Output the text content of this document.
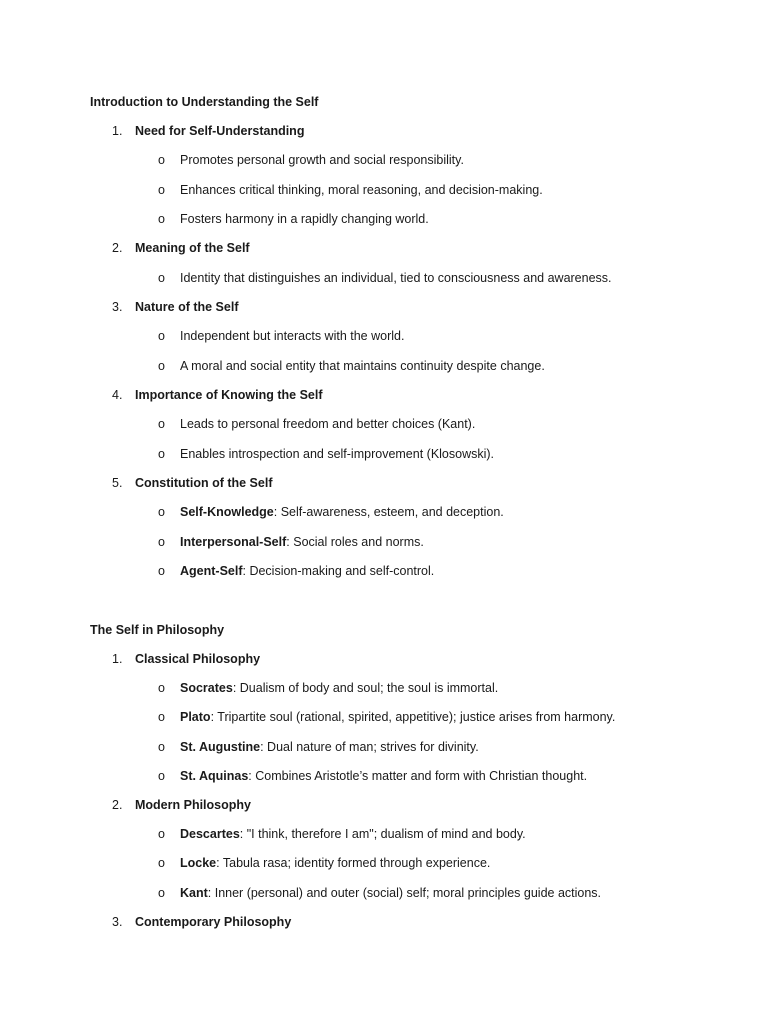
Introduction to Understanding the Self
1. Need for Self-Understanding
o Promotes personal growth and social responsibility.
o Enhances critical thinking, moral reasoning, and decision-making.
o Fosters harmony in a rapidly changing world.
2. Meaning of the Self
o Identity that distinguishes an individual, tied to consciousness and awareness.
3. Nature of the Self
o Independent but interacts with the world.
o A moral and social entity that maintains continuity despite change.
4. Importance of Knowing the Self
o Leads to personal freedom and better choices (Kant).
o Enables introspection and self-improvement (Klosowski).
5. Constitution of the Self
o Self-Knowledge: Self-awareness, esteem, and deception.
o Interpersonal-Self: Social roles and norms.
o Agent-Self: Decision-making and self-control.
The Self in Philosophy
1. Classical Philosophy
o Socrates: Dualism of body and soul; the soul is immortal.
o Plato: Tripartite soul (rational, spirited, appetitive); justice arises from harmony.
o St. Augustine: Dual nature of man; strives for divinity.
o St. Aquinas: Combines Aristotle’s matter and form with Christian thought.
2. Modern Philosophy
o Descartes: "I think, therefore I am"; dualism of mind and body.
o Locke: Tabula rasa; identity formed through experience.
o Kant: Inner (personal) and outer (social) self; moral principles guide actions.
3. Contemporary Philosophy
